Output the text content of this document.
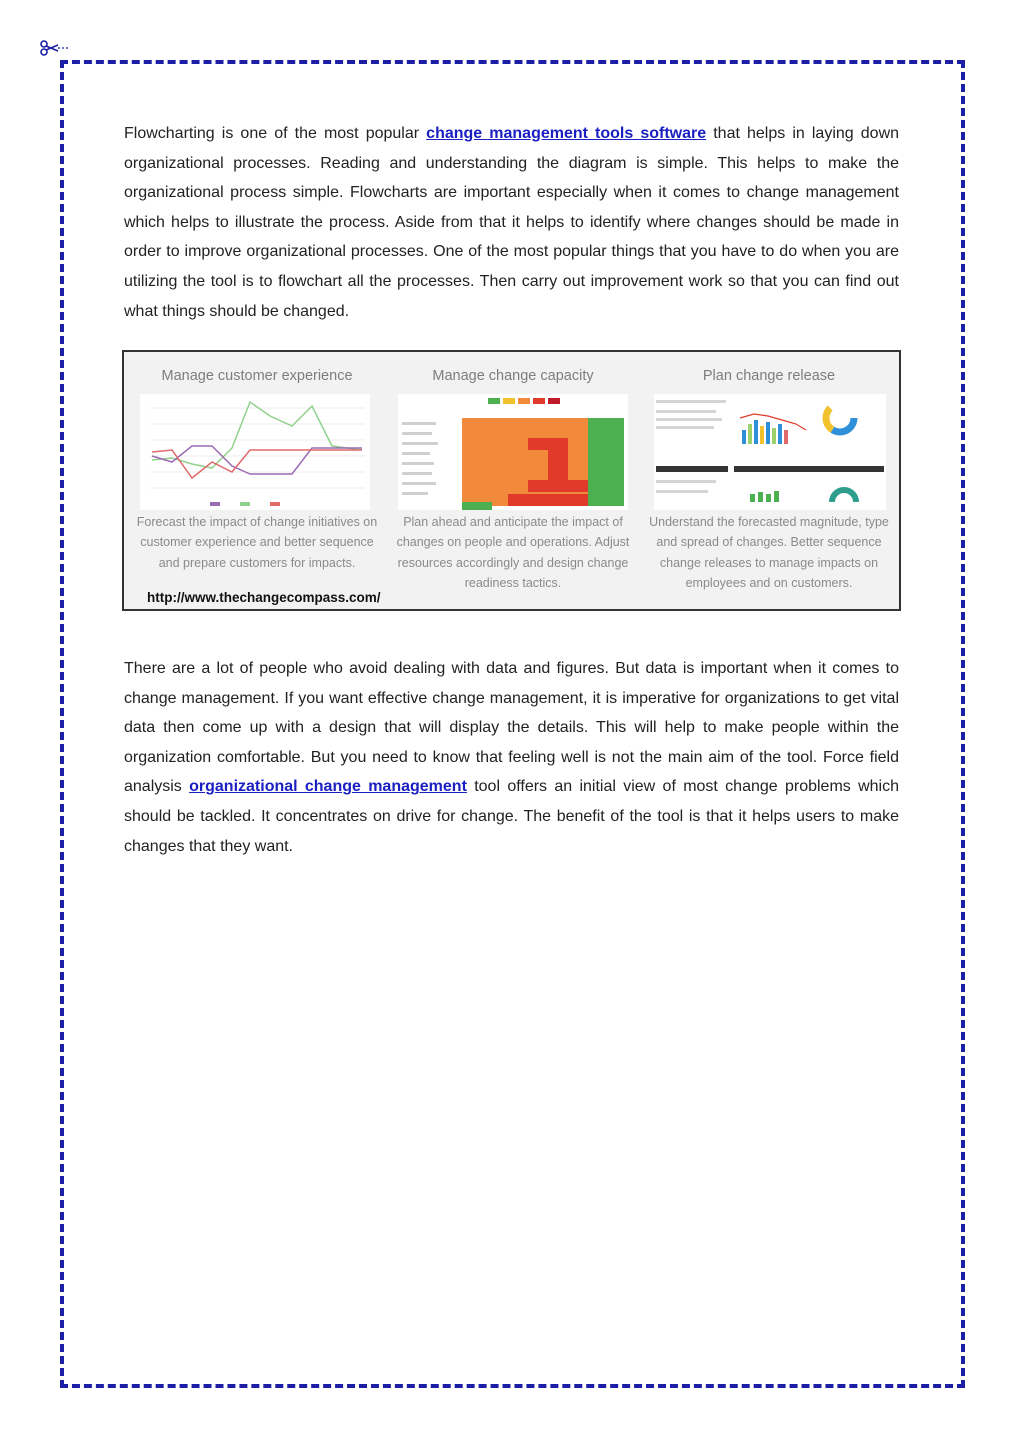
Flowcharting is one of the most popular change management tools software that helps in laying down organizational processes. Reading and understanding the diagram is simple. This helps to make the organizational process simple. Flowcharts are important especially when it comes to change management which helps to illustrate the process. Aside from that it helps to identify where changes should be made in order to improve organizational processes. One of the most popular things that you have to do when you are utilizing the tool is to flowchart all the processes. Then carry out improvement work so that you can find out what things should be changed.

Manage customer experience
Forecast the impact of change initiatives on customer experience and better sequence and prepare customers for impacts.
Manage change capacity
Plan ahead and anticipate the impact of changes on people and operations. Adjust resources accordingly and design change readiness tactics.
Plan change release
Understand the forecasted magnitude, type and spread of changes. Better sequence change releases to manage impacts on employees and on customers.
http://www.thechangecompass.com/

There are a lot of people who avoid dealing with data and figures. But data is important when it comes to change management. If you want effective change management, it is imperative for organizations to get vital data then come up with a design that will display the details. This will help to make people within the organization comfortable. But you need to know that feeling well is not the main aim of the tool. Force field analysis organizational change management tool offers an initial view of most change problems which should be tackled. It concentrates on drive for change. The benefit of the tool is that it helps users to make changes that they want.
